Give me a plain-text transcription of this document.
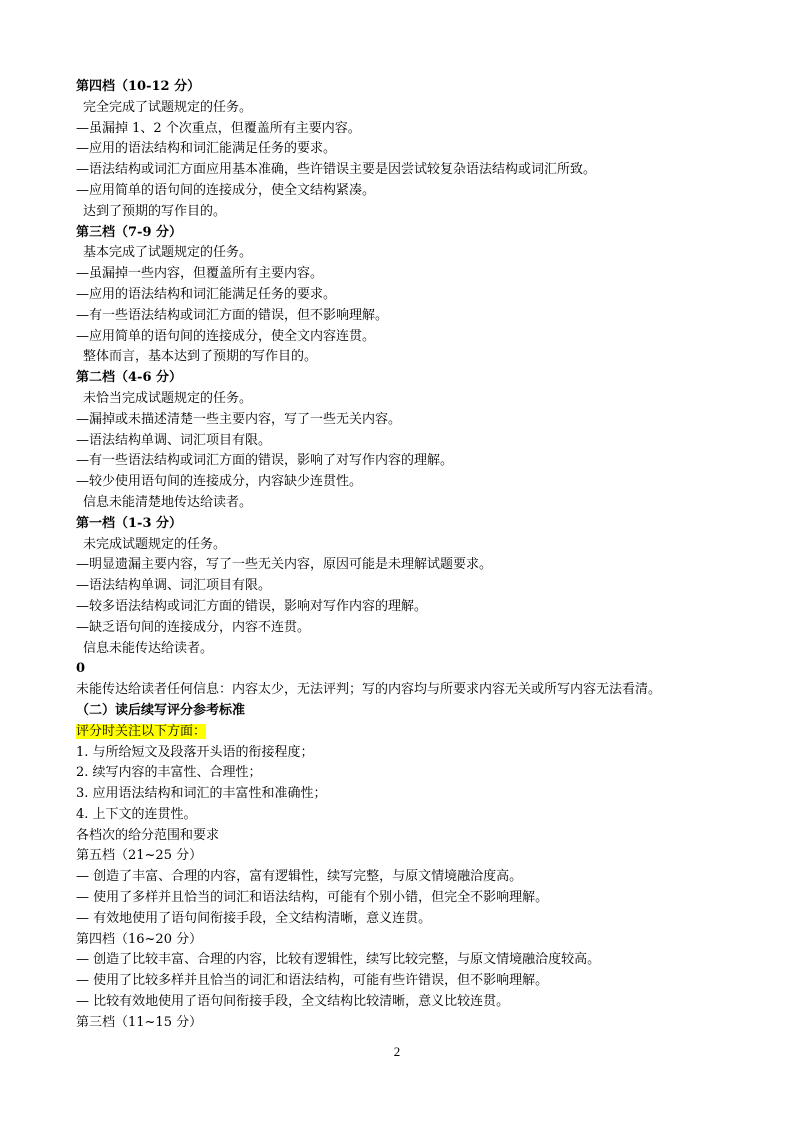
第四档（10-12 分）
完全完成了试题规定的任务。
—虽漏掉 1、2 个次重点，但覆盖所有主要内容。
—应用的语法结构和词汇能满足任务的要求。
—语法结构或词汇方面应用基本准确，些许错误主要是因尝试较复杂语法结构或词汇所致。
—应用简单的语句间的连接成分，使全文结构紧凑。
达到了预期的写作目的。
第三档（7-9 分）
基本完成了试题规定的任务。
—虽漏掉一些内容，但覆盖所有主要内容。
—应用的语法结构和词汇能满足任务的要求。
—有一些语法结构或词汇方面的错误，但不影响理解。
—应用简单的语句间的连接成分，使全文内容连贯。
整体而言，基本达到了预期的写作目的。
第二档（4-6 分）
未恰当完成试题规定的任务。
—漏掉或未描述清楚一些主要内容，写了一些无关内容。
—语法结构单调、词汇项目有限。
—有一些语法结构或词汇方面的错误，影响了对写作内容的理解。
—较少使用语句间的连接成分，内容缺少连贯性。
信息未能清楚地传达给读者。
第一档（1-3 分）
未完成试题规定的任务。
—明显遗漏主要内容，写了一些无关内容，原因可能是未理解试题要求。
—语法结构单调、词汇项目有限。
—较多语法结构或词汇方面的错误，影响对写作内容的理解。
—缺乏语句间的连接成分，内容不连贯。
信息未能传达给读者。
0
未能传达给读者任何信息：内容太少，无法评判；写的内容均与所要求内容无关或所写内容无法看清。
（二）读后续写评分参考标准
评分时关注以下方面：
1. 与所给短文及段落开头语的衔接程度；
2. 续写内容的丰富性、合理性；
3. 应用语法结构和词汇的丰富性和准确性；
4. 上下文的连贯性。
各档次的给分范围和要求
第五档（21~25 分）
— 创造了丰富、合理的内容，富有逻辑性，续写完整，与原文情境融洽度高。
— 使用了多样并且恰当的词汇和语法结构，可能有个别小错，但完全不影响理解。
— 有效地使用了语句间衔接手段，全文结构清晰，意义连贯。
第四档（16~20 分）
— 创造了比较丰富、合理的内容，比较有逻辑性，续写比较完整，与原文情境融洽度较高。
— 使用了比较多样并且恰当的词汇和语法结构，可能有些许错误，但不影响理解。
— 比较有效地使用了语句间衔接手段，全文结构比较清晰，意义比较连贯。
第三档（11~15 分）
2
